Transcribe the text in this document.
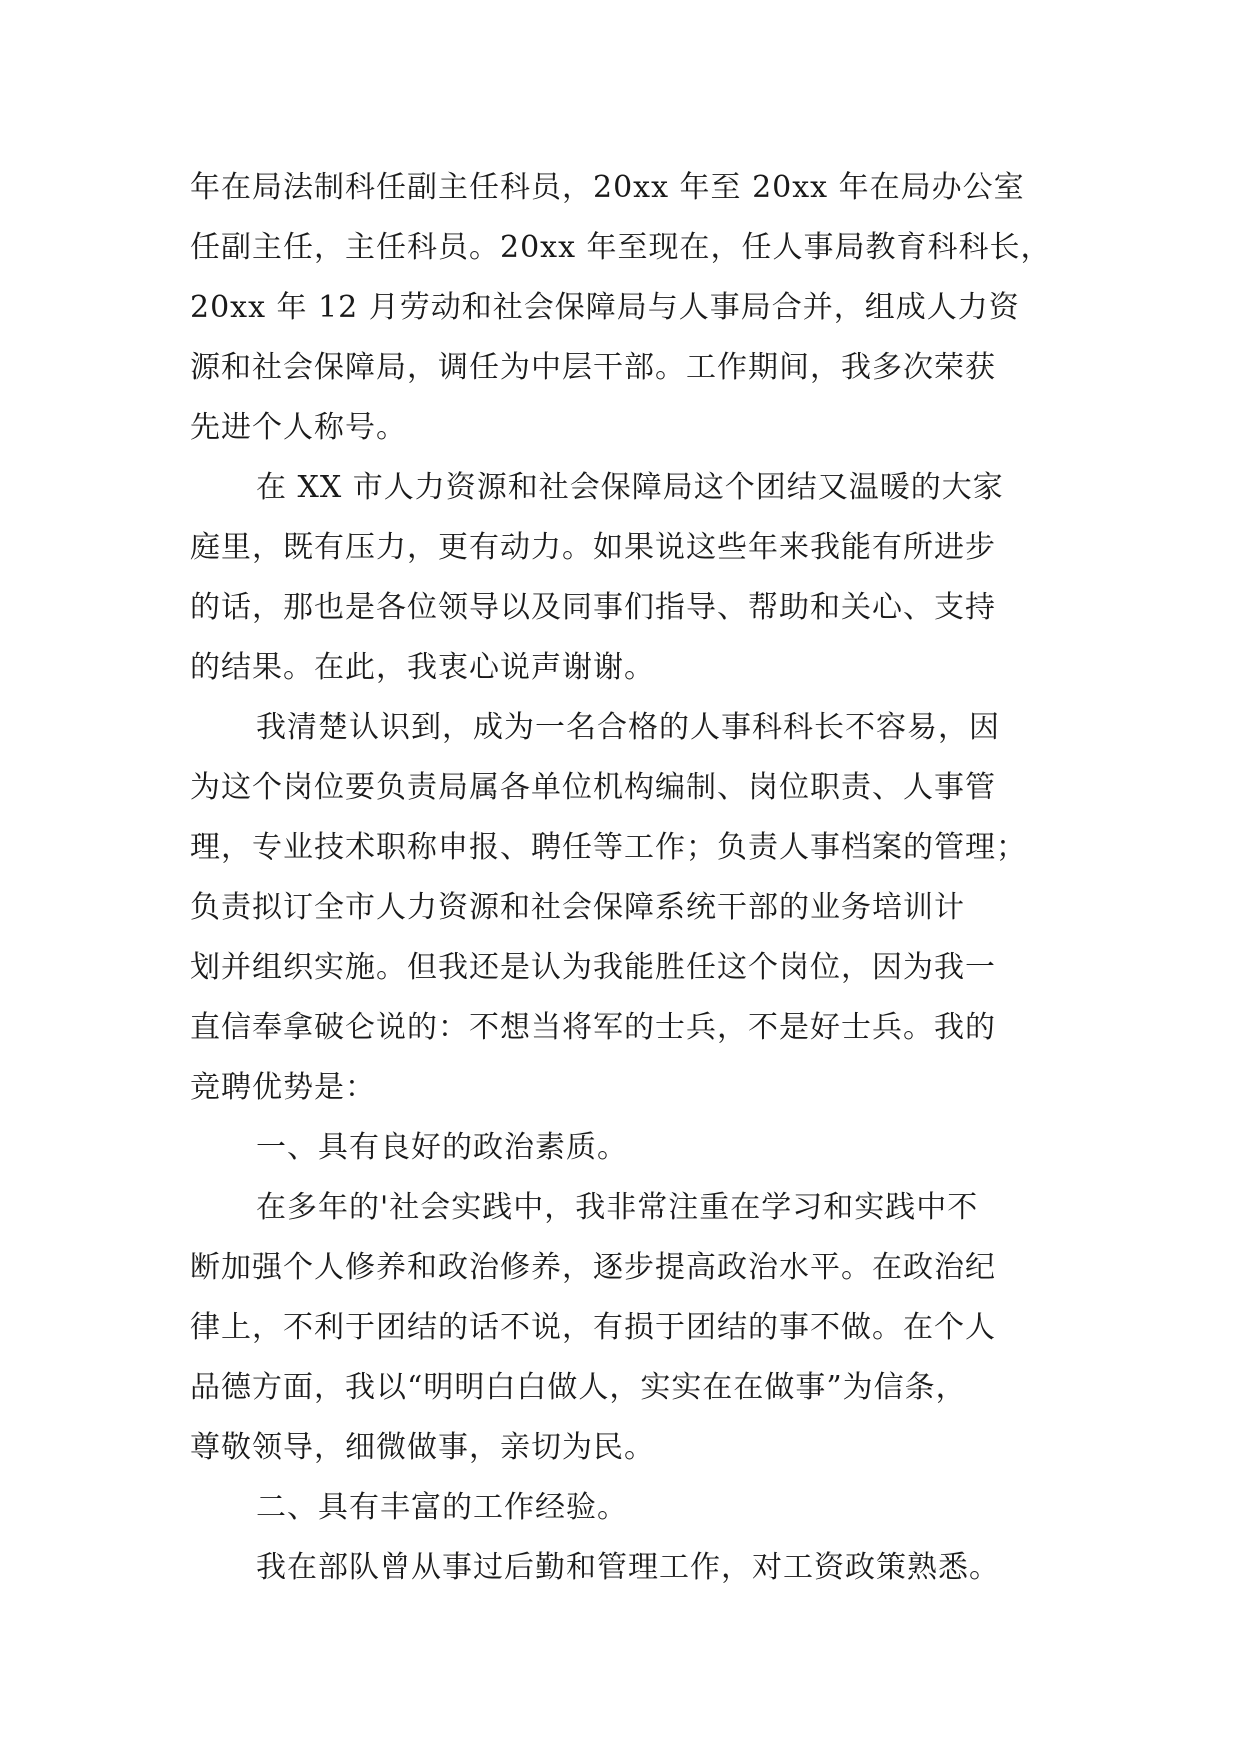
年在局法制科任副主任科员，20xx 年至 20xx 年在局办公室
任副主任，主任科员。20xx 年至现在，任人事局教育科科长，
20xx 年 12 月劳动和社会保障局与人事局合并，组成人力资
源和社会保障局，调任为中层干部。工作期间，我多次荣获
先进个人称号。
在 XX 市人力资源和社会保障局这个团结又温暖的大家
庭里，既有压力，更有动力。如果说这些年来我能有所进步
的话，那也是各位领导以及同事们指导、帮助和关心、支持
的结果。在此，我衷心说声谢谢。
我清楚认识到，成为一名合格的人事科科长不容易，因
为这个岗位要负责局属各单位机构编制、岗位职责、人事管
理，专业技术职称申报、聘任等工作；负责人事档案的管理；
负责拟订全市人力资源和社会保障系统干部的业务培训计
划并组织实施。但我还是认为我能胜任这个岗位，因为我一
直信奉拿破仑说的：不想当将军的士兵，不是好士兵。我的
竞聘优势是：
一、具有良好的政治素质。
在多年的'社会实践中，我非常注重在学习和实践中不
断加强个人修养和政治修养，逐步提高政治水平。在政治纪
律上，不利于团结的话不说，有损于团结的事不做。在个人
品德方面，我以“明明白白做人，实实在在做事”为信条，
尊敬领导，细微做事，亲切为民。
二、具有丰富的工作经验。
我在部队曾从事过后勤和管理工作，对工资政策熟悉。
